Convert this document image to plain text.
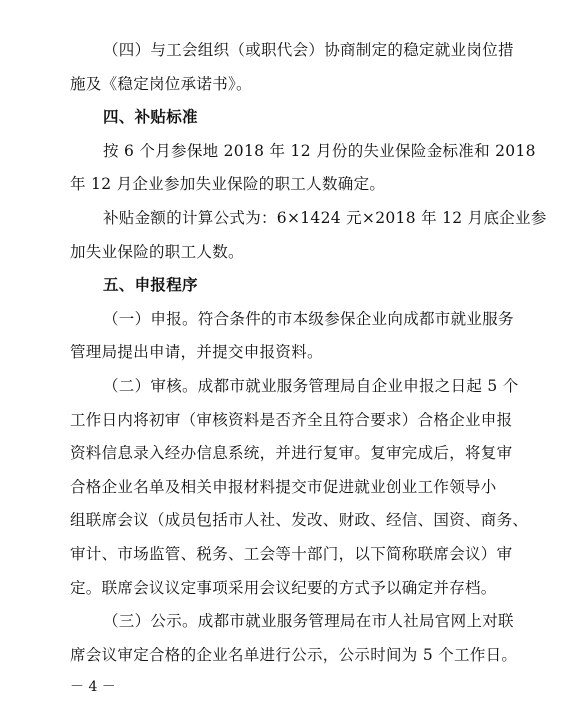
（四）与工会组织（或职代会）协商制定的稳定就业岗位措
施及《稳定岗位承诺书》。
四、补贴标准
按 6 个月参保地 2018 年 12 月份的失业保险金标准和 2018
年 12 月企业参加失业保险的职工人数确定。
补贴金额的计算公式为：6×1424 元×2018 年 12 月底企业参
加失业保险的职工人数。
五、申报程序
（一）申报。符合条件的市本级参保企业向成都市就业服务
管理局提出申请，并提交申报资料。
（二）审核。成都市就业服务管理局自企业申报之日起 5 个
工作日内将初审（审核资料是否齐全且符合要求）合格企业申报
资料信息录入经办信息系统，并进行复审。复审完成后，将复审
合格企业名单及相关申报材料提交市促进就业创业工作领导小
组联席会议（成员包括市人社、发改、财政、经信、国资、商务、
审计、市场监管、税务、工会等十部门，以下简称联席会议）审
定。联席会议议定事项采用会议纪要的方式予以确定并存档。
（三）公示。成都市就业服务管理局在市人社局官网上对联
席会议审定合格的企业名单进行公示，公示时间为 5 个工作日。
－ 4 －
